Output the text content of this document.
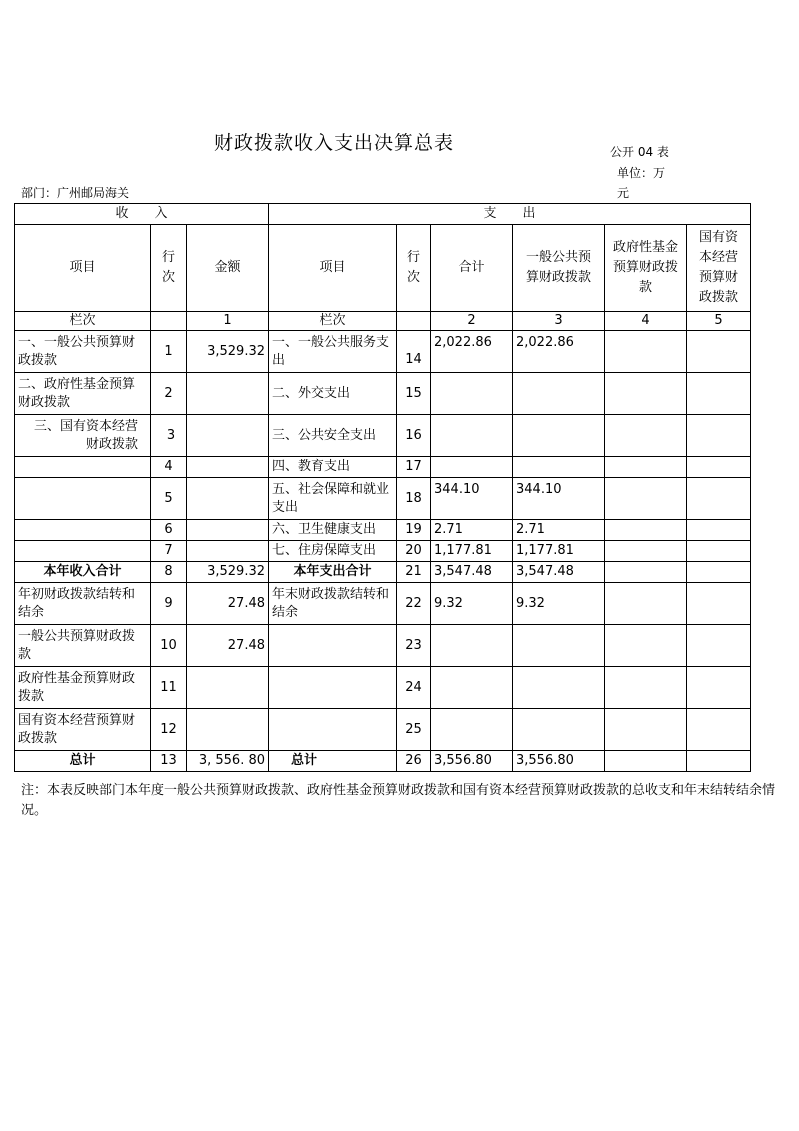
财政拨款收入支出决算总表	公开 04 表
单位：万元
部门：广州邮局海关
收　　入			支　　出					
项目	行次	金额	项目	行次	合计	一般公共预算财政拨款	政府性基金预算财政拨款	国有资本经营预算财政拨款
栏次		1	栏次		2	3	4	5
一、一般公共预算财政拨款	1	3,529.32	一、一般公共服务支出	14	2,022.86	2,022.86		
二、政府性基金预算财政拨款	2		二、外交支出	15				
三、国有资本经营财政拨款	3		三、公共安全支出	16				
	4		四、教育支出	17				
	5		五、社会保障和就业支出	18	344.10	344.10		
	6		六、卫生健康支出	19	2.71	2.71		
	7		七、住房保障支出	20	1,177.81	1,177.81		
本年收入合计	8	3,529.32	本年支出合计	21	3,547.48	3,547.48		
年初财政拨款结转和结余	9	27.48	年末财政拨款结转和结余	22	9.32	9.32		
一般公共预算财政拨款	10	27.48		23				
政府性基金预算财政拨款	11			24				
国有资本经营预算财政拨款	12			25				
总计	13	3, 556. 80	总计	26	3,556.80	3,556.80		
注：本表反映部门本年度一般公共预算财政拨款、政府性基金预算财政拨款和国有资本经营预算财政拨款的总收支和年末结转结余情况。
